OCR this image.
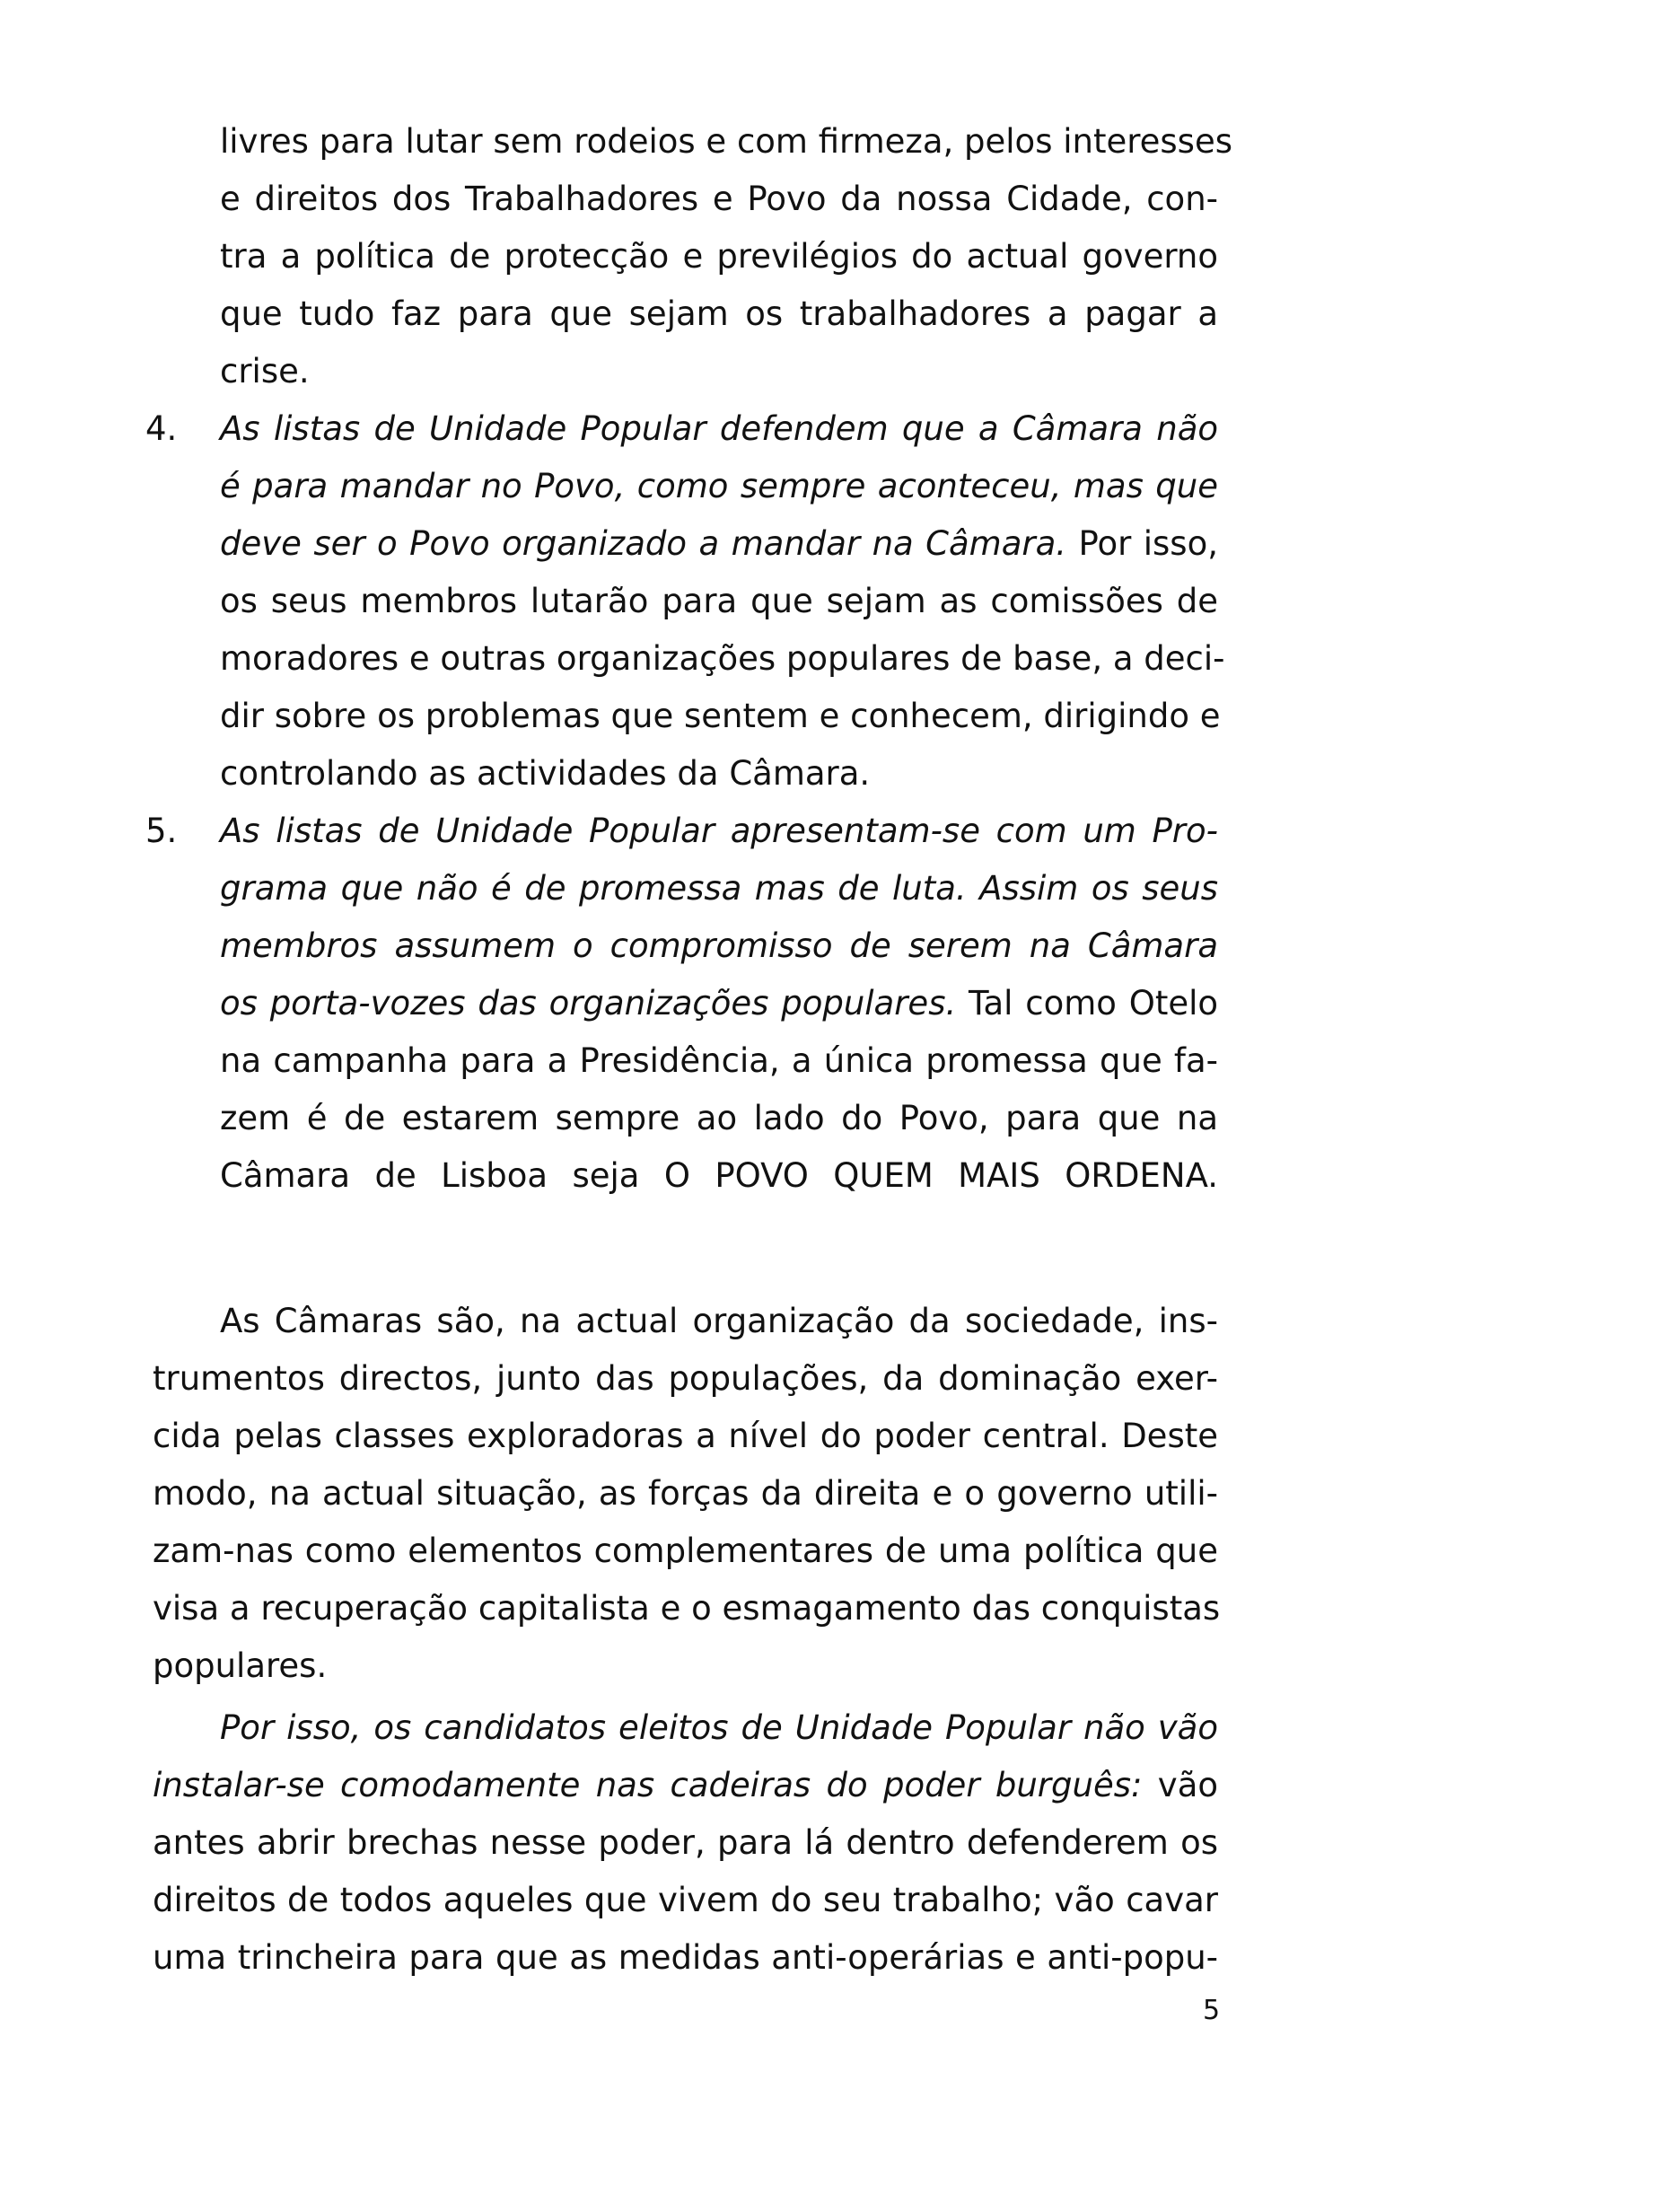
livres para lutar sem rodeios e com firmeza, pelos interesses
e direitos dos Trabalhadores e Povo da nossa Cidade, con-
tra a política de protecção e previlégios do actual governo
que tudo faz para que sejam os trabalhadores a pagar a
crise.
4. As listas de Unidade Popular defendem que a Câmara não
é para mandar no Povo, como sempre aconteceu, mas que
deve ser o Povo organizado a mandar na Câmara. Por isso,
os seus membros lutarão para que sejam as comissões de
moradores e outras organizações populares de base, a deci-
dir sobre os problemas que sentem e conhecem, dirigindo e
controlando as actividades da Câmara.
5. As listas de Unidade Popular apresentam-se com um Pro-
grama que não é de promessa mas de luta. Assim os seus
membros assumem o compromisso de serem na Câmara
os porta-vozes das organizações populares. Tal como Otelo
na campanha para a Presidência, a única promessa que fa-
zem é de estarem sempre ao lado do Povo, para que na
Câmara de Lisboa seja O POVO QUEM MAIS ORDENA.
As Câmaras são, na actual organização da sociedade, ins-
trumentos directos, junto das populações, da dominação exer-
cida pelas classes exploradoras a nível do poder central. Deste
modo, na actual situação, as forças da direita e o governo utili-
zam-nas como elementos complementares de uma política que
visa a recuperação capitalista e o esmagamento das conquistas
populares.
Por isso, os candidatos eleitos de Unidade Popular não vão
instalar-se comodamente nas cadeiras do poder burguês: vão
antes abrir brechas nesse poder, para lá dentro defenderem os
direitos de todos aqueles que vivem do seu trabalho; vão cavar
uma trincheira para que as medidas anti-operárias e anti-popu-
5
